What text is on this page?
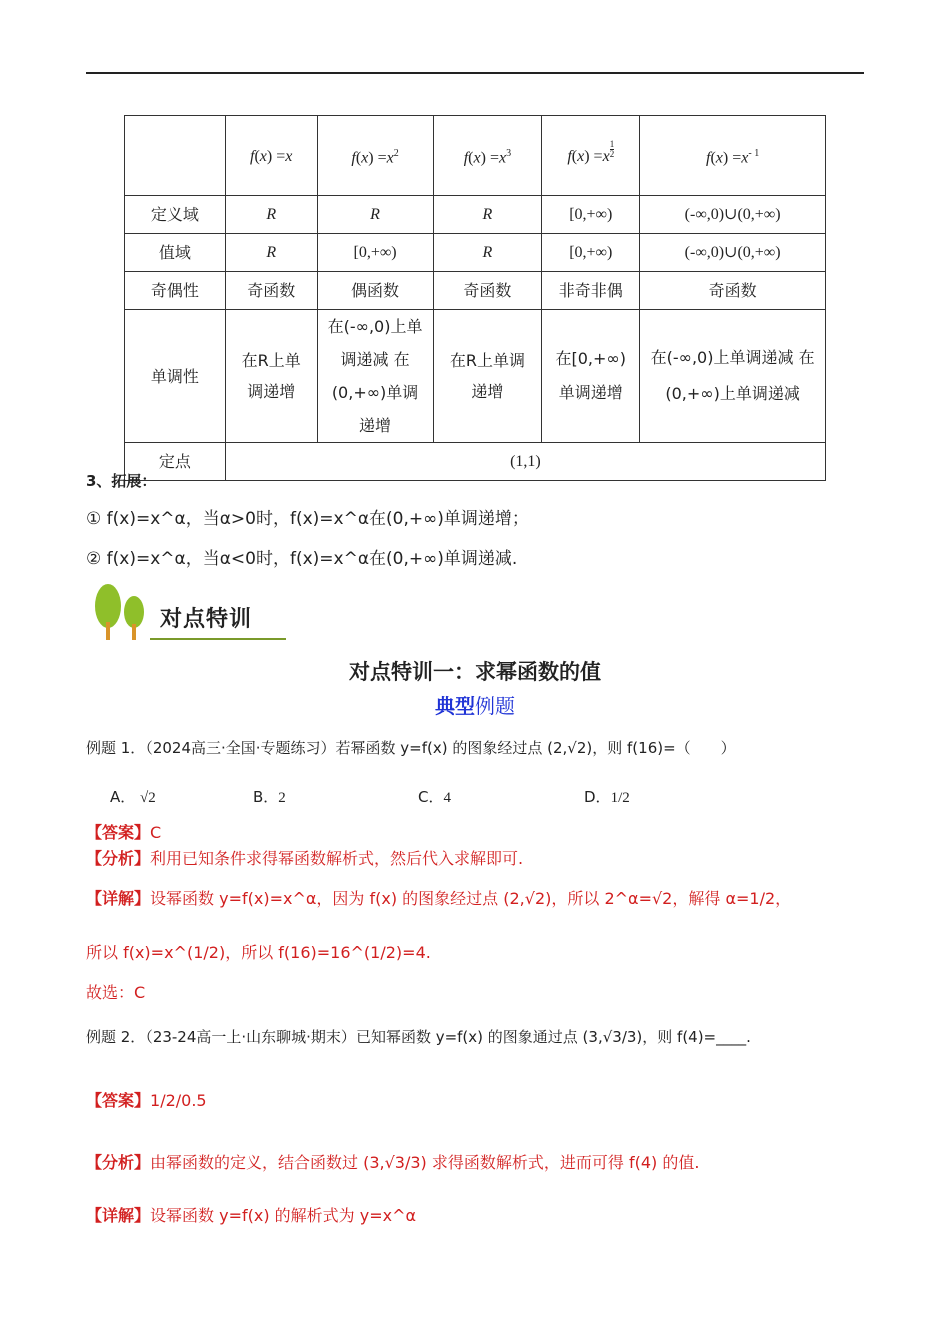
	f(x) =x	$f(x) =x^2$	$f(x) =x^3$	f(x) =x $^{\frac{1}{2}}$	$f(x) =x^{- 1}$
定义域	R	R	R	[0,+∞)	(-∞,0)∪(0,+∞)
值域	R	[0,+∞)	R	[0,+∞)	(-∞,0)∪(0,+∞)
奇偶性	奇函数	偶函数	奇函数	非奇非偶	奇函数
单调性	在R上单调递增	在(-∞,0)上单调递减 在(0,+∞)单调递增	在R上单调递增	在[0,+∞)单调递增	在(-∞,0)上单调递减 在(0,+∞)上单调递减
定点	(1,1)				
3、拓展：
① f(x)=x^α，当α>0时，f(x)=x^α在(0,+∞)单调递增；
② f(x)=x^α，当α<0时，f(x)=x^α在(0,+∞)单调递减.
对点特训
对点特训一：求幂函数的值
典型例题
例题 1．（2024高三·全国·专题练习）若幂函数 y=f(x) 的图象经过点 (2,√2)，则 f(16)=（　　）
A． √2	B．2	C．4	D．1/2
【答案】C
【分析】利用已知条件求得幂函数解析式，然后代入求解即可.
【详解】设幂函数 y=f(x)=x^α，因为 f(x) 的图象经过点 (2,√2)，所以 2^α=√2，解得 α=1/2，
所以 f(x)=x^(1/2)，所以 f(16)=16^(1/2)=4.
故选：C
例题 2．（23-24高一上·山东聊城·期末）已知幂函数 y=f(x) 的图象通过点 (3,√3/3)，则 f(4)=____.
【答案】1/2/0.5
【分析】由幂函数的定义，结合函数过 (3,√3/3) 求得函数解析式，进而可得 f(4) 的值.
【详解】设幂函数 y=f(x) 的解析式为 y=x^α
